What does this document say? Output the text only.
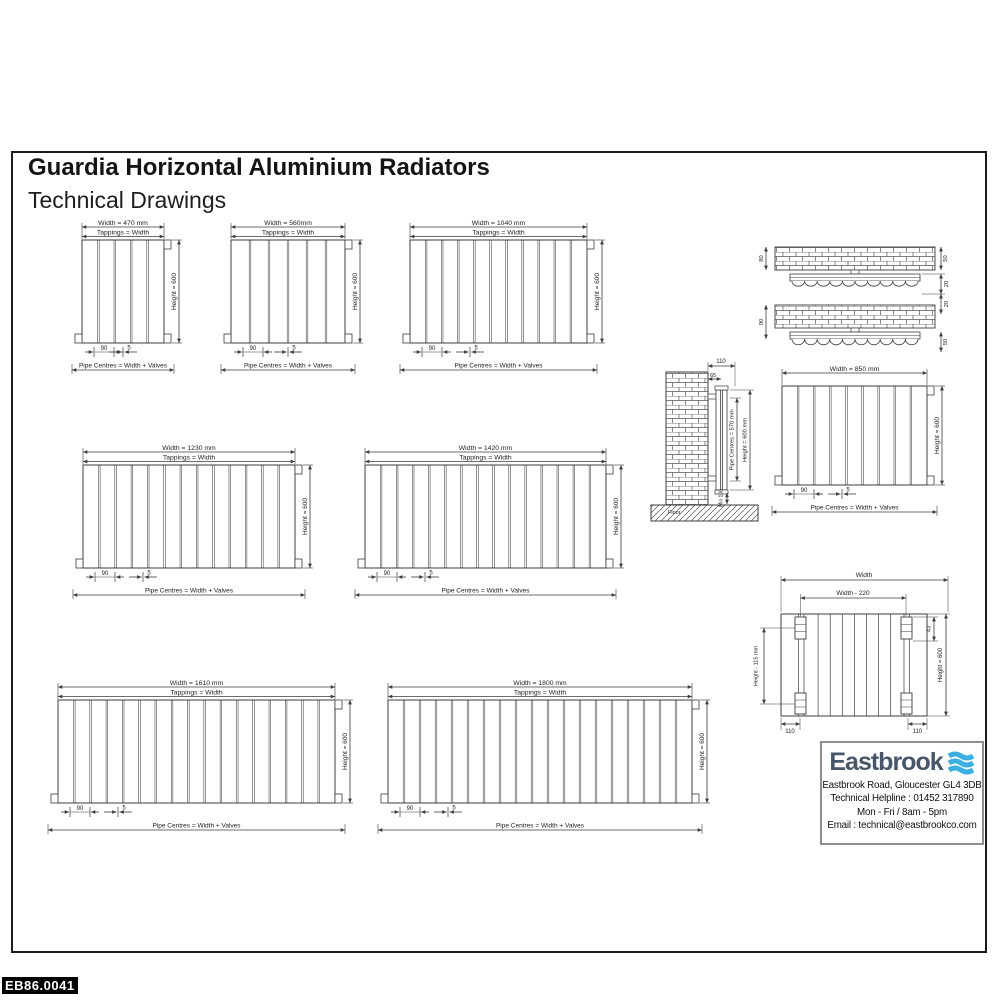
Guardia Horizontal Aluminium Radiators
Technical Drawings
Width = 470 mm
Tappings = Width
Height = 600
90	5
Pipe Centres = Width + Valves
Width = 560mm
Tappings = Width
Height = 600
90	5
Pipe Centres = Width + Valves
Width = 1040 mm
Tappings = Width
Height = 600
90	5
Pipe Centres = Width + Valves
Width = 1230 mm
Tappings = Width
Height = 600
90	5
Pipe Centres = Width + Valves
Width = 1420 mm
Tappings = Width
Height = 600
90	5
Pipe Centres = Width + Valves
Width = 850 mm
Height = 600
90	5
Pipe Centres = Width + Valves
Width = 1610 mm
Tappings = Width
Height = 600
90	5
Pipe Centres = Width + Valves
Width = 1800 mm
Tappings = Width
Height = 600
90	5
Pipe Centres = Width + Valves
80	50
20
20
90
50
Floor
110
65
Pipe Centres = 570 mm Height = 600 mm
Min 100
Width
Width - 220
110	110
43
Height = 600
Height - 115 mm
Eastbrook
Eastbrook Road, Gloucester GL4 3DB
Technical Helpline : 01452 317890
Mon - Fri / 8am - 5pm
Email : technical@eastbrookco.com
EB86.0041
